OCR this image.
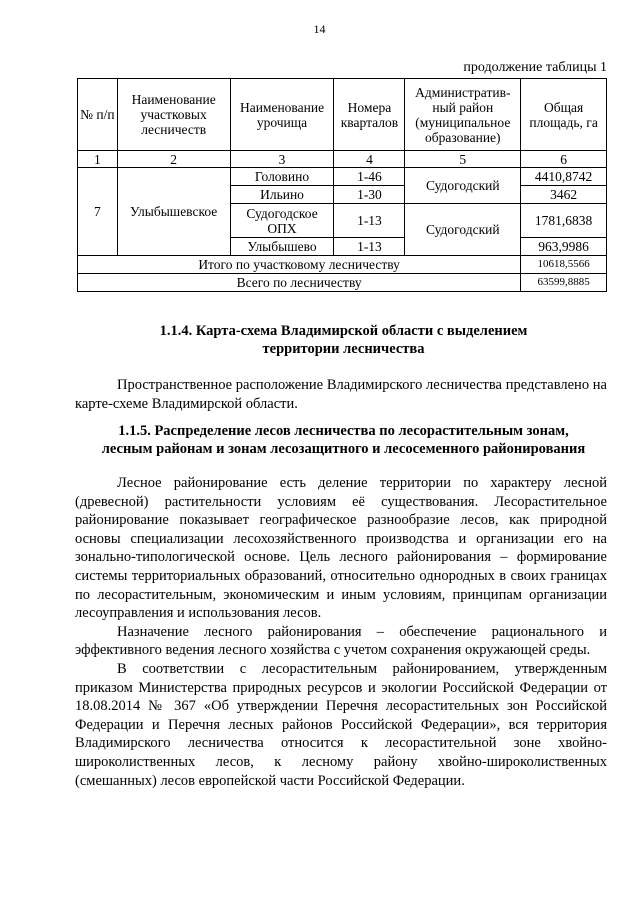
14
продолжение таблицы 1
№ п/п	Наименование участковых лесничеств	Наименование урочища	Номера кварталов	Административ-ный район (муниципальное образование)	Общая площадь, га
1	2	3	4	5	6
7	Улыбышевское	Головино	1-46	Судогодский	4410,8742
		Ильино	1-30		3462
		Судогодское ОПХ	1-13	Судогодский	1781,6838
		Улыбышево	1-13		963,9986
Итого по участковому лесничеству					10618,5566
Всего по лесничеству					63599,8885
1.1.4. Карта-схема Владимирской области с выделением
территории лесничества

Пространственное расположение Владимирского лесничества представлено на карте-схеме Владимирской области.

1.1.5. Распределение лесов лесничества по лесорастительным зонам,
лесным районам и зонам лесозащитного и лесосеменного районирования

Лесное районирование есть деление территории по характеру лесной (древесной) растительности условиям её существования. Лесорастительное районирование показывает географическое разнообразие лесов, как природной основы специализации лесохозяйственного производства и организации его на зонально-типологической основе. Цель лесного районирования – формирование системы территориальных образований, относительно однородных в своих границах по лесорастительным, экономическим и иным условиям, принципам организации лесоуправления и использования лесов.

Назначение лесного районирования – обеспечение рационального и эффективного ведения лесного хозяйства с учетом сохранения окружающей среды.

В соответствии с лесорастительным районированием, утвержденным приказом Министерства природных ресурсов и экологии Российской Федерации от 18.08.2014 № 367 «Об утверждении Перечня лесорастительных зон Российской Федерации и Перечня лесных районов Российской Федерации», вся территория Владимирского лесничества относится к лесорастительной зоне хвойно-широколиственных лесов, к лесному району хвойно-широколиственных (смешанных) лесов европейской части Российской Федерации.
